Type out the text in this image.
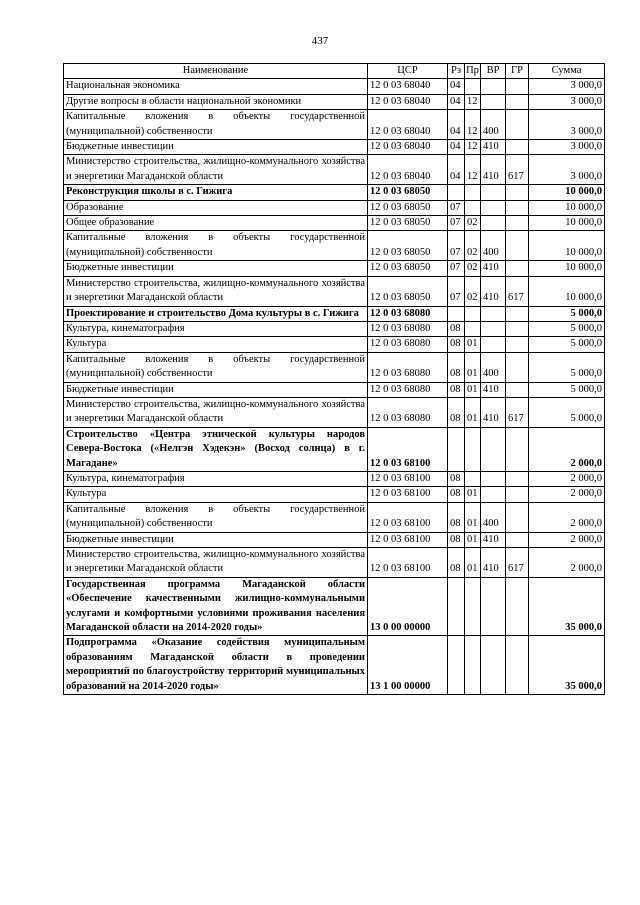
437
Наименование	ЦСР	Рз	Пр	ВР	ГР	Сумма
Национальная экономика	12 0 03 68040	04				3 000,0
Другие вопросы в области национальной экономики	12 0 03 68040	04	12			3 000,0
Капитальные вложения в объекты государственной (муниципальной) собственности	12 0 03 68040	04	12	400		3 000,0
Бюджетные инвестиции	12 0 03 68040	04	12	410		3 000,0
Министерство строительства, жилищно-коммунального хозяйства и энергетики Магаданской области	12 0 03 68040	04	12	410	617	3 000,0
Реконструкция школы в с. Гижига	12 0 03 68050					10 000,0
Образование	12 0 03 68050	07				10 000,0
Общее образование	12 0 03 68050	07	02			10 000,0
Капитальные вложения в объекты государственной (муниципальной) собственности	12 0 03 68050	07	02	400		10 000,0
Бюджетные инвестиции	12 0 03 68050	07	02	410		10 000,0
Министерство строительства, жилищно-коммунального хозяйства и энергетики Магаданской области	12 0 03 68050	07	02	410	617	10 000,0
Проектирование и строительство Дома культуры в с. Гижига	12 0 03 68080					5 000,0
Культура, кинематография	12 0 03 68080	08				5 000,0
Культура	12 0 03 68080	08	01			5 000,0
Капитальные вложения в объекты государственной (муниципальной) собственности	12 0 03 68080	08	01	400		5 000,0
Бюджетные инвестиции	12 0 03 68080	08	01	410		5 000,0
Министерство строительства, жилищно-коммунального хозяйства и энергетики Магаданской области	12 0 03 68080	08	01	410	617	5 000,0
Строительство «Центра этнической культуры народов Севера-Востока («Нелгэн Хэдекэн» (Восход солнца) в г. Магадане»	12 0 03 68100					2 000,0
Культура, кинематография	12 0 03 68100	08				2 000,0
Культура	12 0 03 68100	08	01			2 000,0
Капитальные вложения в объекты государственной (муниципальной) собственности	12 0 03 68100	08	01	400		2 000,0
Бюджетные инвестиции	12 0 03 68100	08	01	410		2 000,0
Министерство строительства, жилищно-коммунального хозяйства и энергетики Магаданской области	12 0 03 68100	08	01	410	617	2 000,0
Государственная программа Магаданской области «Обеспечение качественными жилищно-коммунальными услугами и комфортными условиями проживания населения Магаданской области на 2014-2020 годы»	13 0 00 00000					35 000,0
Подпрограмма «Оказание содействия муниципальным образованиям Магаданской области в проведении мероприятий по благоустройству территорий муниципальных образований на 2014-2020 годы»	13 1 00 00000					35 000,0
